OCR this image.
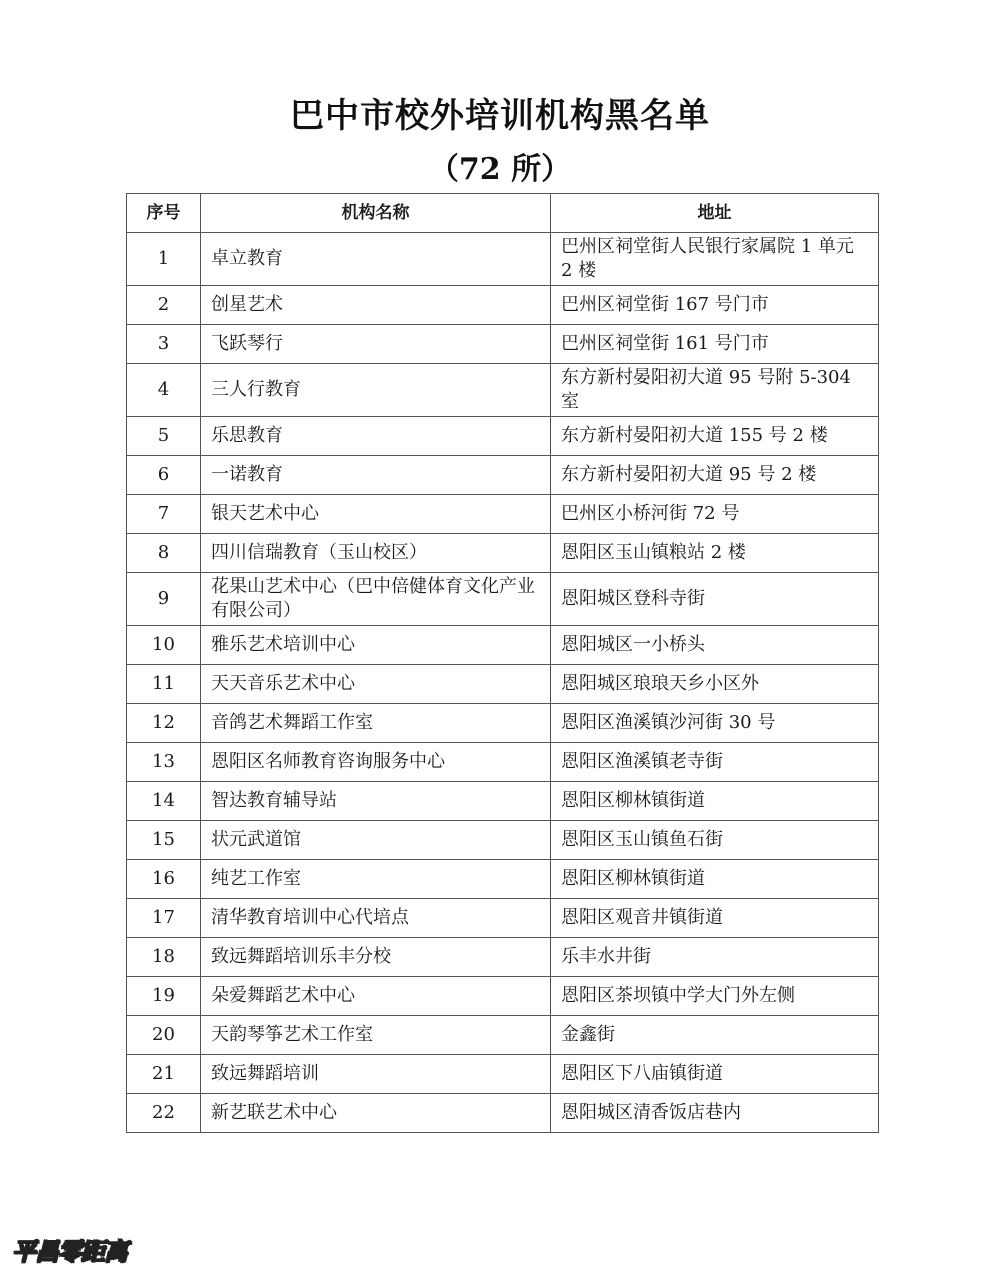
巴中市校外培训机构黑名单
（72 所）
序号	机构名称	地址
1	卓立教育	巴州区祠堂街人民银行家属院 1 单元 2 楼
2	创星艺术	巴州区祠堂街 167 号门市
3	飞跃琴行	巴州区祠堂街 161 号门市
4	三人行教育	东方新村晏阳初大道 95 号附 5-304 室
5	乐思教育	东方新村晏阳初大道 155 号 2 楼
6	一诺教育	东方新村晏阳初大道 95 号 2 楼
7	银天艺术中心	巴州区小桥河街 72 号
8	四川信瑞教育（玉山校区）	恩阳区玉山镇粮站 2 楼
9	花果山艺术中心（巴中倍健体育文化产业有限公司）	恩阳城区登科寺街
10	雅乐艺术培训中心	恩阳城区一小桥头
11	天天音乐艺术中心	恩阳城区琅琅天乡小区外
12	音鸽艺术舞蹈工作室	恩阳区渔溪镇沙河街 30 号
13	恩阳区名师教育咨询服务中心	恩阳区渔溪镇老寺街
14	智达教育辅导站	恩阳区柳林镇街道
15	状元武道馆	恩阳区玉山镇鱼石街
16	纯艺工作室	恩阳区柳林镇街道
17	清华教育培训中心代培点	恩阳区观音井镇街道
18	致远舞蹈培训乐丰分校	乐丰水井街
19	朵爱舞蹈艺术中心	恩阳区茶坝镇中学大门外左侧
20	天韵琴筝艺术工作室	金鑫街
21	致远舞蹈培训	恩阳区下八庙镇街道
22	新艺联艺术中心	恩阳城区清香饭店巷内
平昌零距离
